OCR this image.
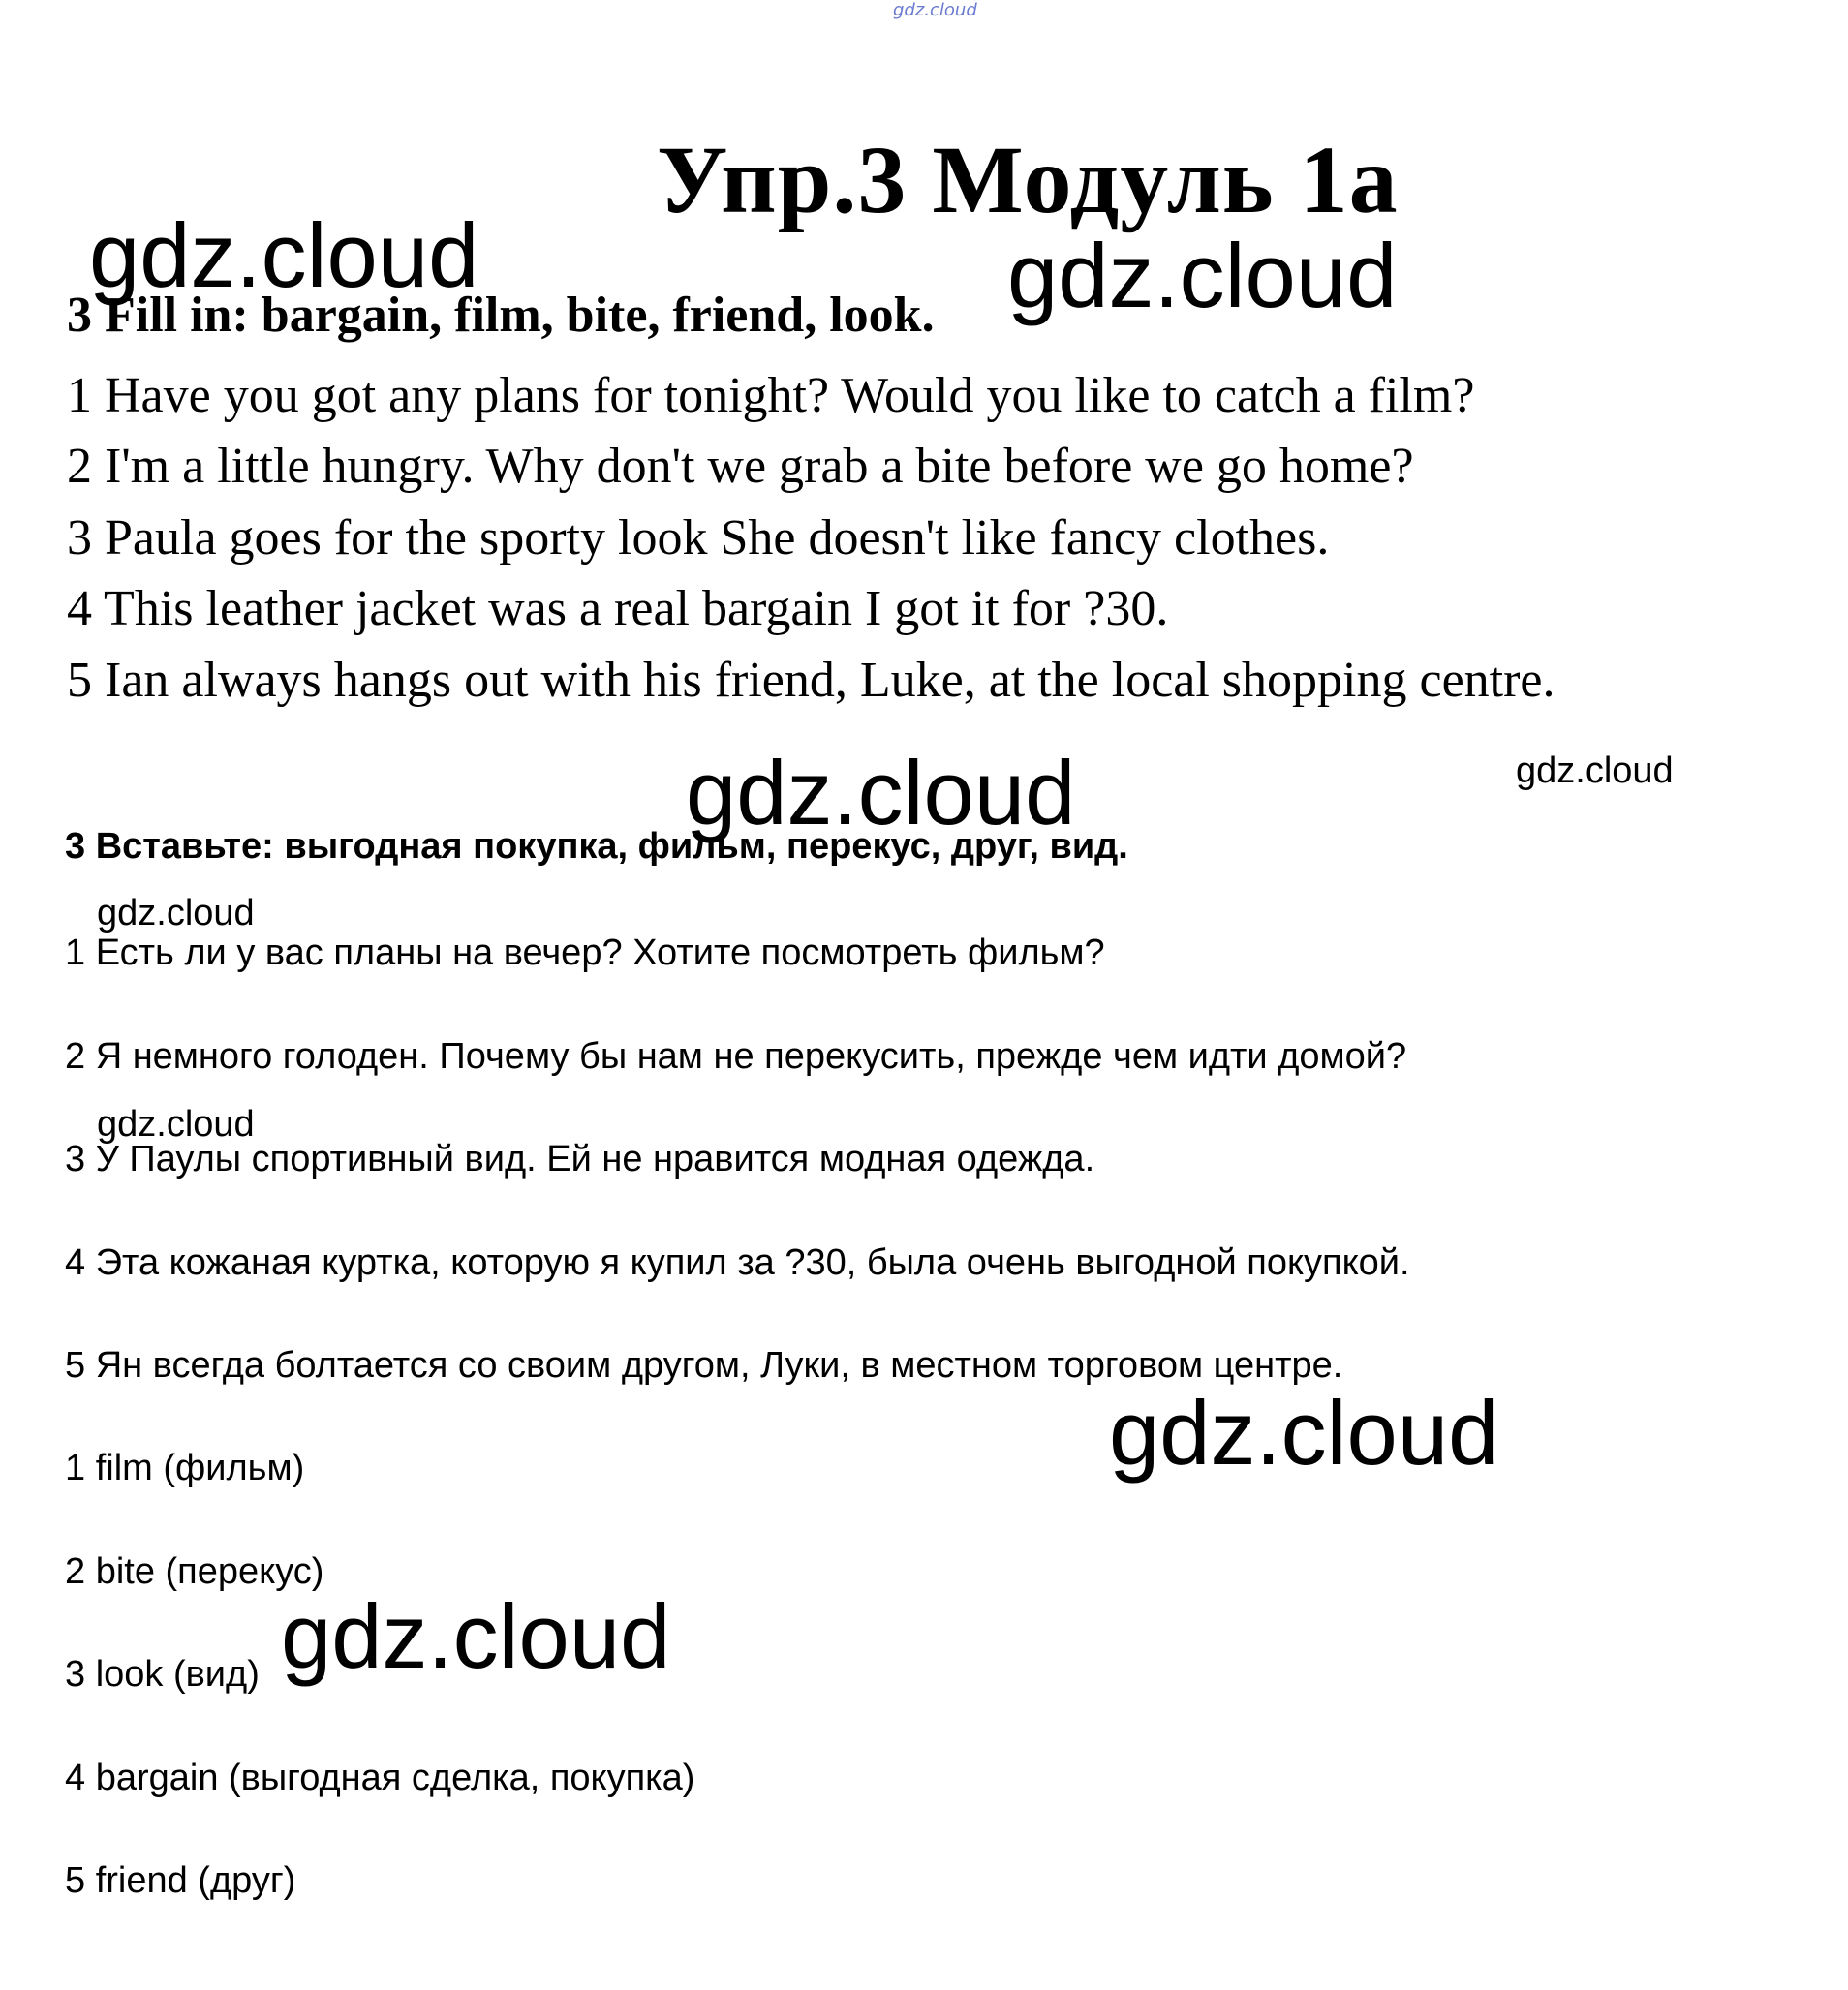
gdz.cloud
Упр.3 Модуль 1а
3 Fill in: bargain, film, bite, friend, look.
1 Have you got any plans for tonight? Would you like to catch a film?
2 I'm a little hungry. Why don't we grab a bite before we go home?
3 Paula goes for the sporty look She doesn't like fancy clothes.
4 This leather jacket was a real bargain I got it for ?30.
5 Ian always hangs out with his friend, Luke, at the local shopping centre.
3 Вставьте: выгодная покупка, фильм, перекус, друг, вид.
1 Есть ли у вас планы на вечер? Хотите посмотреть фильм?
2 Я немного голоден. Почему бы нам не перекусить, прежде чем идти домой?
3 У Паулы спортивный вид. Ей не нравится модная одежда.
4 Эта кожаная куртка, которую я купил за ?30, была очень выгодной покупкой.
5 Ян всегда болтается со своим другом, Луки, в местном торговом центре.
1 film (фильм)
2 bite (перекус)
3 look (вид)
4 bargain (выгодная сделка, покупка)
5 friend (друг)
gdz.cloud	gdz.cloud
gdz.cloud	gdz.cloud
gdz.cloud
gdz.cloud
gdz.cloud
gdz.cloud
